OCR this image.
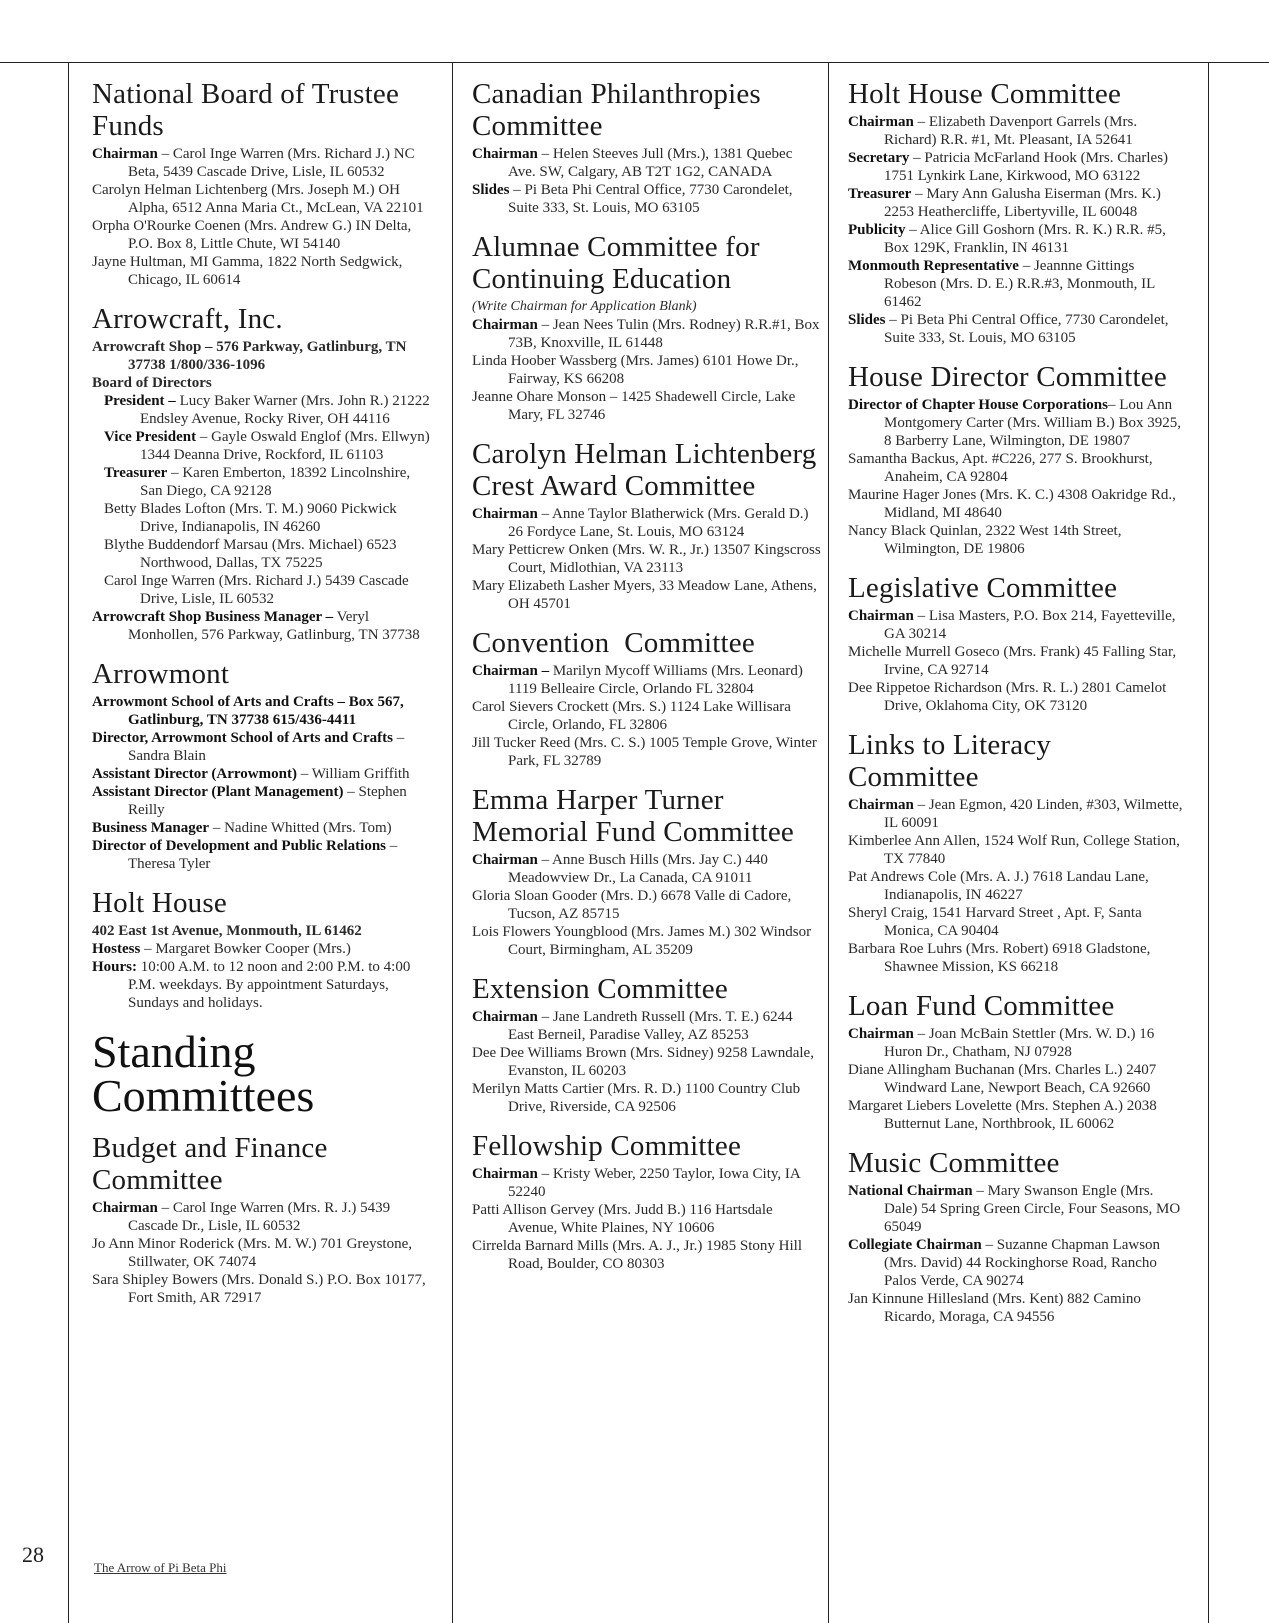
National Board of Trustee Funds

Chairman – Carol Inge Warren (Mrs. Richard J.) NC Beta, 5439 Cascade Drive, Lisle, IL 60532

Carolyn Helman Lichtenberg (Mrs. Joseph M.) OH Alpha, 6512 Anna Maria Ct., McLean, VA 22101

Orpha O'Rourke Coenen (Mrs. Andrew G.) IN Delta, P.O. Box 8, Little Chute, WI 54140

Jayne Hultman, MI Gamma, 1822 North Sedgwick, Chicago, IL 60614

Arrowcraft, Inc.

Arrowcraft Shop – 576 Parkway, Gatlinburg, TN 37738 1/800/336-1096

Board of Directors

President – Lucy Baker Warner (Mrs. John R.) 21222 Endsley Avenue, Rocky River, OH 44116

Vice President – Gayle Oswald Englof (Mrs. Ellwyn) 1344 Deanna Drive, Rockford, IL 61103

Treasurer – Karen Emberton, 18392 Lincolnshire, San Diego, CA 92128

Betty Blades Lofton (Mrs. T. M.) 9060 Pickwick Drive, Indianapolis, IN 46260

Blythe Buddendorf Marsau (Mrs. Michael) 6523 Northwood, Dallas, TX 75225

Carol Inge Warren (Mrs. Richard J.) 5439 Cascade Drive, Lisle, IL 60532

Arrowcraft Shop Business Manager – Veryl Monhollen, 576 Parkway, Gatlinburg, TN 37738

Arrowmont

Arrowmont School of Arts and Crafts – Box 567, Gatlinburg, TN 37738 615/436-4411

Director, Arrowmont School of Arts and Crafts – Sandra Blain

Assistant Director (Arrowmont) – William Griffith

Assistant Director (Plant Management) – Stephen Reilly

Business Manager – Nadine Whitted (Mrs. Tom)

Director of Development and Public Relations – Theresa Tyler

Holt House

402 East 1st Avenue, Monmouth, IL 61462

Hostess – Margaret Bowker Cooper (Mrs.)

Hours: 10:00 A.M. to 12 noon and 2:00 P.M. to 4:00 P.M. weekdays. By appointment Saturdays, Sundays and holidays.

Standing Committees
Budget and Finance Committee

Chairman – Carol Inge Warren (Mrs. R. J.) 5439 Cascade Dr., Lisle, IL 60532

Jo Ann Minor Roderick (Mrs. M. W.) 701 Greystone, Stillwater, OK 74074

Sara Shipley Bowers (Mrs. Donald S.) P.O. Box 10177, Fort Smith, AR 72917

Canadian Philanthropies Committee

Chairman – Helen Steeves Jull (Mrs.), 1381 Quebec Ave. SW, Calgary, AB T2T 1G2, CANADA

Slides – Pi Beta Phi Central Office, 7730 Carondelet, Suite 333, St. Louis, MO 63105

Alumnae Committee for Continuing Education

(Write Chairman for Application Blank)

Chairman – Jean Nees Tulin (Mrs. Rodney) R.R.#1, Box 73B, Knoxville, IL 61448

Linda Hoober Wassberg (Mrs. James) 6101 Howe Dr., Fairway, KS 66208

Jeanne Ohare Monson – 1425 Shadewell Circle, Lake Mary, FL 32746

Carolyn Helman Lichtenberg Crest Award Committee

Chairman – Anne Taylor Blatherwick (Mrs. Gerald D.) 26 Fordyce Lane, St. Louis, MO 63124

Mary Petticrew Onken (Mrs. W. R., Jr.) 13507 Kingscross Court, Midlothian, VA 23113

Mary Elizabeth Lasher Myers, 33 Meadow Lane, Athens, OH 45701

Convention  Committee

Chairman – Marilyn Mycoff Williams (Mrs. Leonard) 1119 Belleaire Circle, Orlando FL 32804

Carol Sievers Crockett (Mrs. S.) 1124 Lake Willisara Circle, Orlando, FL 32806

Jill Tucker Reed (Mrs. C. S.) 1005 Temple Grove, Winter Park, FL 32789

Emma Harper Turner Memorial Fund Committee

Chairman – Anne Busch Hills (Mrs. Jay C.) 440 Meadowview Dr., La Canada, CA 91011

Gloria Sloan Gooder (Mrs. D.) 6678 Valle di Cadore, Tucson, AZ 85715

Lois Flowers Youngblood (Mrs. James M.) 302 Windsor Court, Birmingham, AL 35209

Extension Committee

Chairman – Jane Landreth Russell (Mrs. T. E.) 6244 East Berneil, Paradise Valley, AZ 85253

Dee Dee Williams Brown (Mrs. Sidney) 9258 Lawndale, Evanston, IL 60203

Merilyn Matts Cartier (Mrs. R. D.) 1100 Country Club Drive, Riverside, CA 92506

Fellowship Committee

Chairman – Kristy Weber, 2250 Taylor, Iowa City, IA 52240

Patti Allison Gervey (Mrs. Judd B.) 116 Hartsdale Avenue, White Plaines, NY 10606

Cirrelda Barnard Mills (Mrs. A. J., Jr.) 1985 Stony Hill Road, Boulder, CO 80303

Holt House Committee

Chairman – Elizabeth Davenport Garrels (Mrs. Richard) R.R. #1, Mt. Pleasant, IA 52641

Secretary – Patricia McFarland Hook (Mrs. Charles) 1751 Lynkirk Lane, Kirkwood, MO 63122

Treasurer – Mary Ann Galusha Eiserman (Mrs. K.) 2253 Heathercliffe, Libertyville, IL 60048

Publicity – Alice Gill Goshorn (Mrs. R. K.) R.R. #5, Box 129K, Franklin, IN 46131

Monmouth Representative – Jeannne Gittings Robeson (Mrs. D. E.) R.R.#3, Monmouth, IL 61462

Slides – Pi Beta Phi Central Office, 7730 Carondelet, Suite 333, St. Louis, MO 63105

House Director Committee

Director of Chapter House Corporations– Lou Ann Montgomery Carter (Mrs. William B.) Box 3925, 8 Barberry Lane, Wilmington, DE 19807

Samantha Backus, Apt. #C226, 277 S. Brookhurst, Anaheim, CA 92804

Maurine Hager Jones (Mrs. K. C.) 4308 Oakridge Rd., Midland, MI 48640

Nancy Black Quinlan, 2322 West 14th Street, Wilmington, DE 19806

Legislative Committee

Chairman – Lisa Masters, P.O. Box 214, Fayetteville, GA 30214

Michelle Murrell Goseco (Mrs. Frank) 45 Falling Star, Irvine, CA 92714

Dee Rippetoe Richardson (Mrs. R. L.) 2801 Camelot Drive, Oklahoma City, OK 73120

Links to Literacy Committee

Chairman – Jean Egmon, 420 Linden, #303, Wilmette, IL 60091

Kimberlee Ann Allen, 1524 Wolf Run, College Station, TX 77840

Pat Andrews Cole (Mrs. A. J.) 7618 Landau Lane, Indianapolis, IN 46227

Sheryl Craig, 1541 Harvard Street , Apt. F, Santa Monica, CA 90404

Barbara Roe Luhrs (Mrs. Robert) 6918 Gladstone, Shawnee Mission, KS 66218

Loan Fund Committee

Chairman – Joan McBain Stettler (Mrs. W. D.) 16 Huron Dr., Chatham, NJ 07928

Diane Allingham Buchanan (Mrs. Charles L.) 2407 Windward Lane, Newport Beach, CA 92660

Margaret Liebers Lovelette (Mrs. Stephen A.) 2038 Butternut Lane, Northbrook, IL 60062

Music Committee

National Chairman – Mary Swanson Engle (Mrs. Dale) 54 Spring Green Circle, Four Seasons, MO 65049

Collegiate Chairman – Suzanne Chapman Lawson (Mrs. David) 44 Rockinghorse Road, Rancho Palos Verde, CA 90274

Jan Kinnune Hillesland (Mrs. Kent) 882 Camino Ricardo, Moraga, CA 94556

28
The Arrow of Pi Beta Phi
